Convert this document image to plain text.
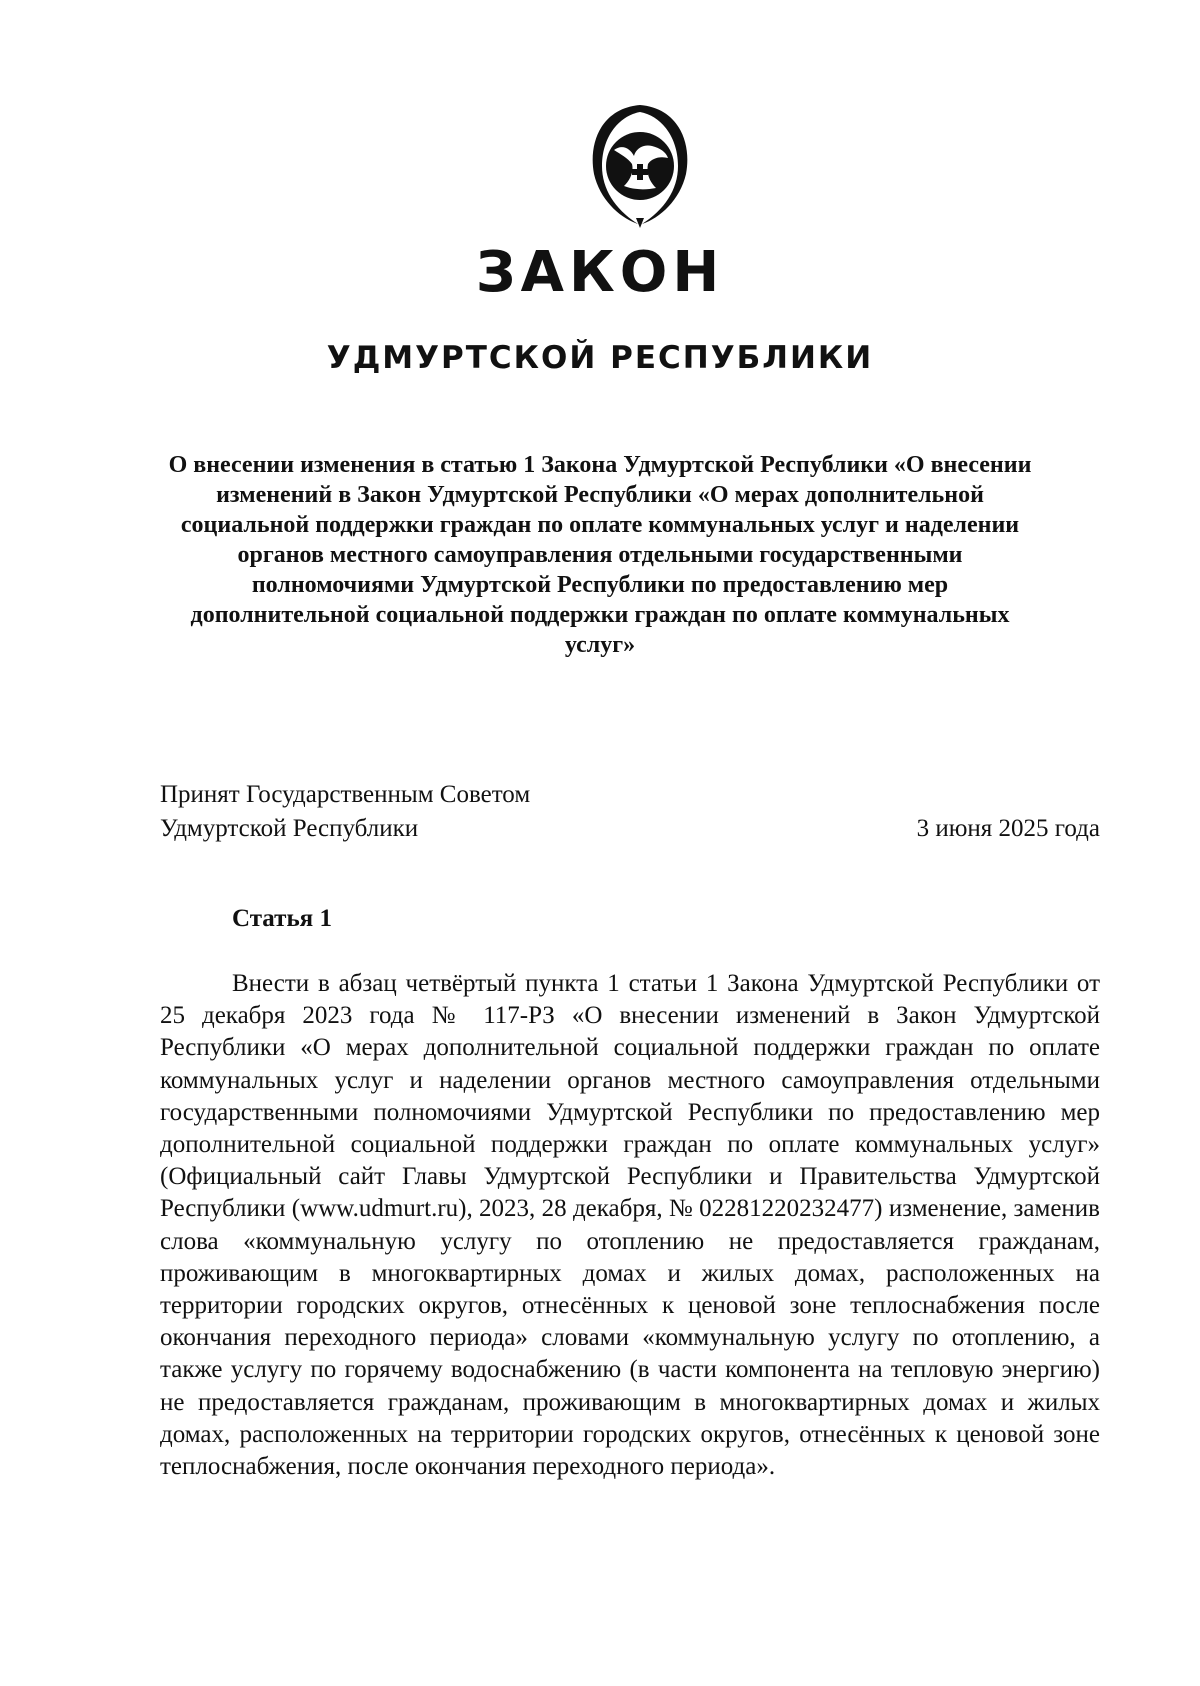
ЗАКОН
УДМУРТСКОЙ РЕСПУБЛИКИ

О внесении изменения в статью 1 Закона Удмуртской Республики «О внесении изменений в Закон Удмуртской Республики «О мерах дополнительной социальной поддержки граждан по оплате коммунальных услуг и наделении органов местного самоуправления отдельными государственными полномочиями Удмуртской Республики по предоставлению мер дополнительной социальной поддержки граждан по оплате коммунальных услуг»

Принят Государственным Советом
Удмуртской Республики	3 июня 2025 года
Статья 1

Внести в абзац четвёртый пункта 1 статьи 1 Закона Удмуртской Республики от 25 декабря 2023 года № 117-РЗ «О внесении изменений в Закон Удмуртской Республики «О мерах дополнительной социальной поддержки граждан по оплате коммунальных услуг и наделении органов местного самоуправления отдельными государственными полномочиями Удмуртской Республики по предоставлению мер дополнительной социальной поддержки граждан по оплате коммунальных услуг» (Официальный сайт Главы Удмуртской Республики и Правительства Удмуртской Республики (www.udmurt.ru), 2023, 28 декабря, № 02281220232477) изменение, заменив слова «коммунальную услугу по отоплению не предоставляется гражданам, проживающим в многоквартирных домах и жилых домах, расположенных на территории городских округов, отнесённых к ценовой зоне теплоснабжения после окончания переходного периода» словами «коммунальную услугу по отоплению, а также услугу по горячему водоснабжению (в части компонента на тепловую энергию) не предоставляется гражданам, проживающим в многоквартирных домах и жилых домах, расположенных на территории городских округов, отнесённых к ценовой зоне теплоснабжения, после окончания переходного периода».
